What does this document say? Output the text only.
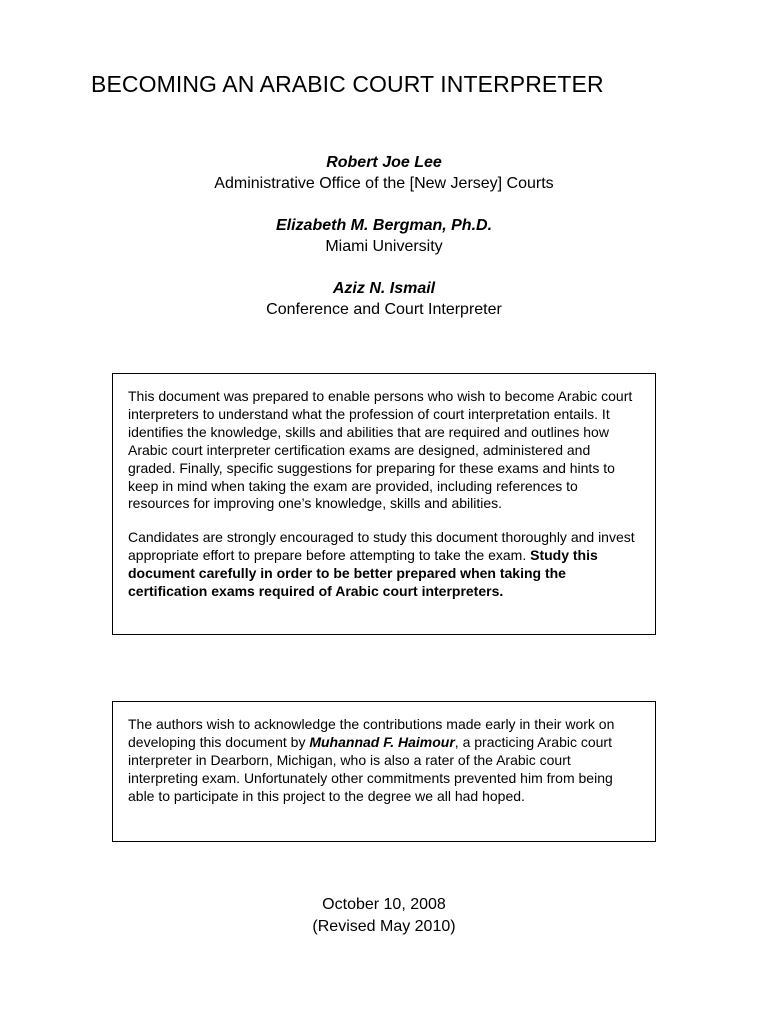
BECOMING AN ARABIC COURT INTERPRETER
Robert Joe Lee
Administrative Office of the [New Jersey] Courts
Elizabeth M. Bergman, Ph.D.
Miami University
Aziz N. Ismail
Conference and Court Interpreter

This document was prepared to enable persons who wish to become Arabic court interpreters to understand what the profession of court interpretation entails. It identifies the knowledge, skills and abilities that are required and outlines how Arabic court interpreter certification exams are designed, administered and graded. Finally, specific suggestions for preparing for these exams and hints to keep in mind when taking the exam are provided, including references to resources for improving one’s knowledge, skills and abilities.

Candidates are strongly encouraged to study this document thoroughly and invest appropriate effort to prepare before attempting to take the exam. Study this document carefully in order to be better prepared when taking the certification exams required of Arabic court interpreters.

The authors wish to acknowledge the contributions made early in their work on developing this document by Muhannad F. Haimour, a practicing Arabic court interpreter in Dearborn, Michigan, who is also a rater of the Arabic court interpreting exam. Unfortunately other commitments prevented him from being able to participate in this project to the degree we all had hoped.

October 10, 2008
(Revised May 2010)
